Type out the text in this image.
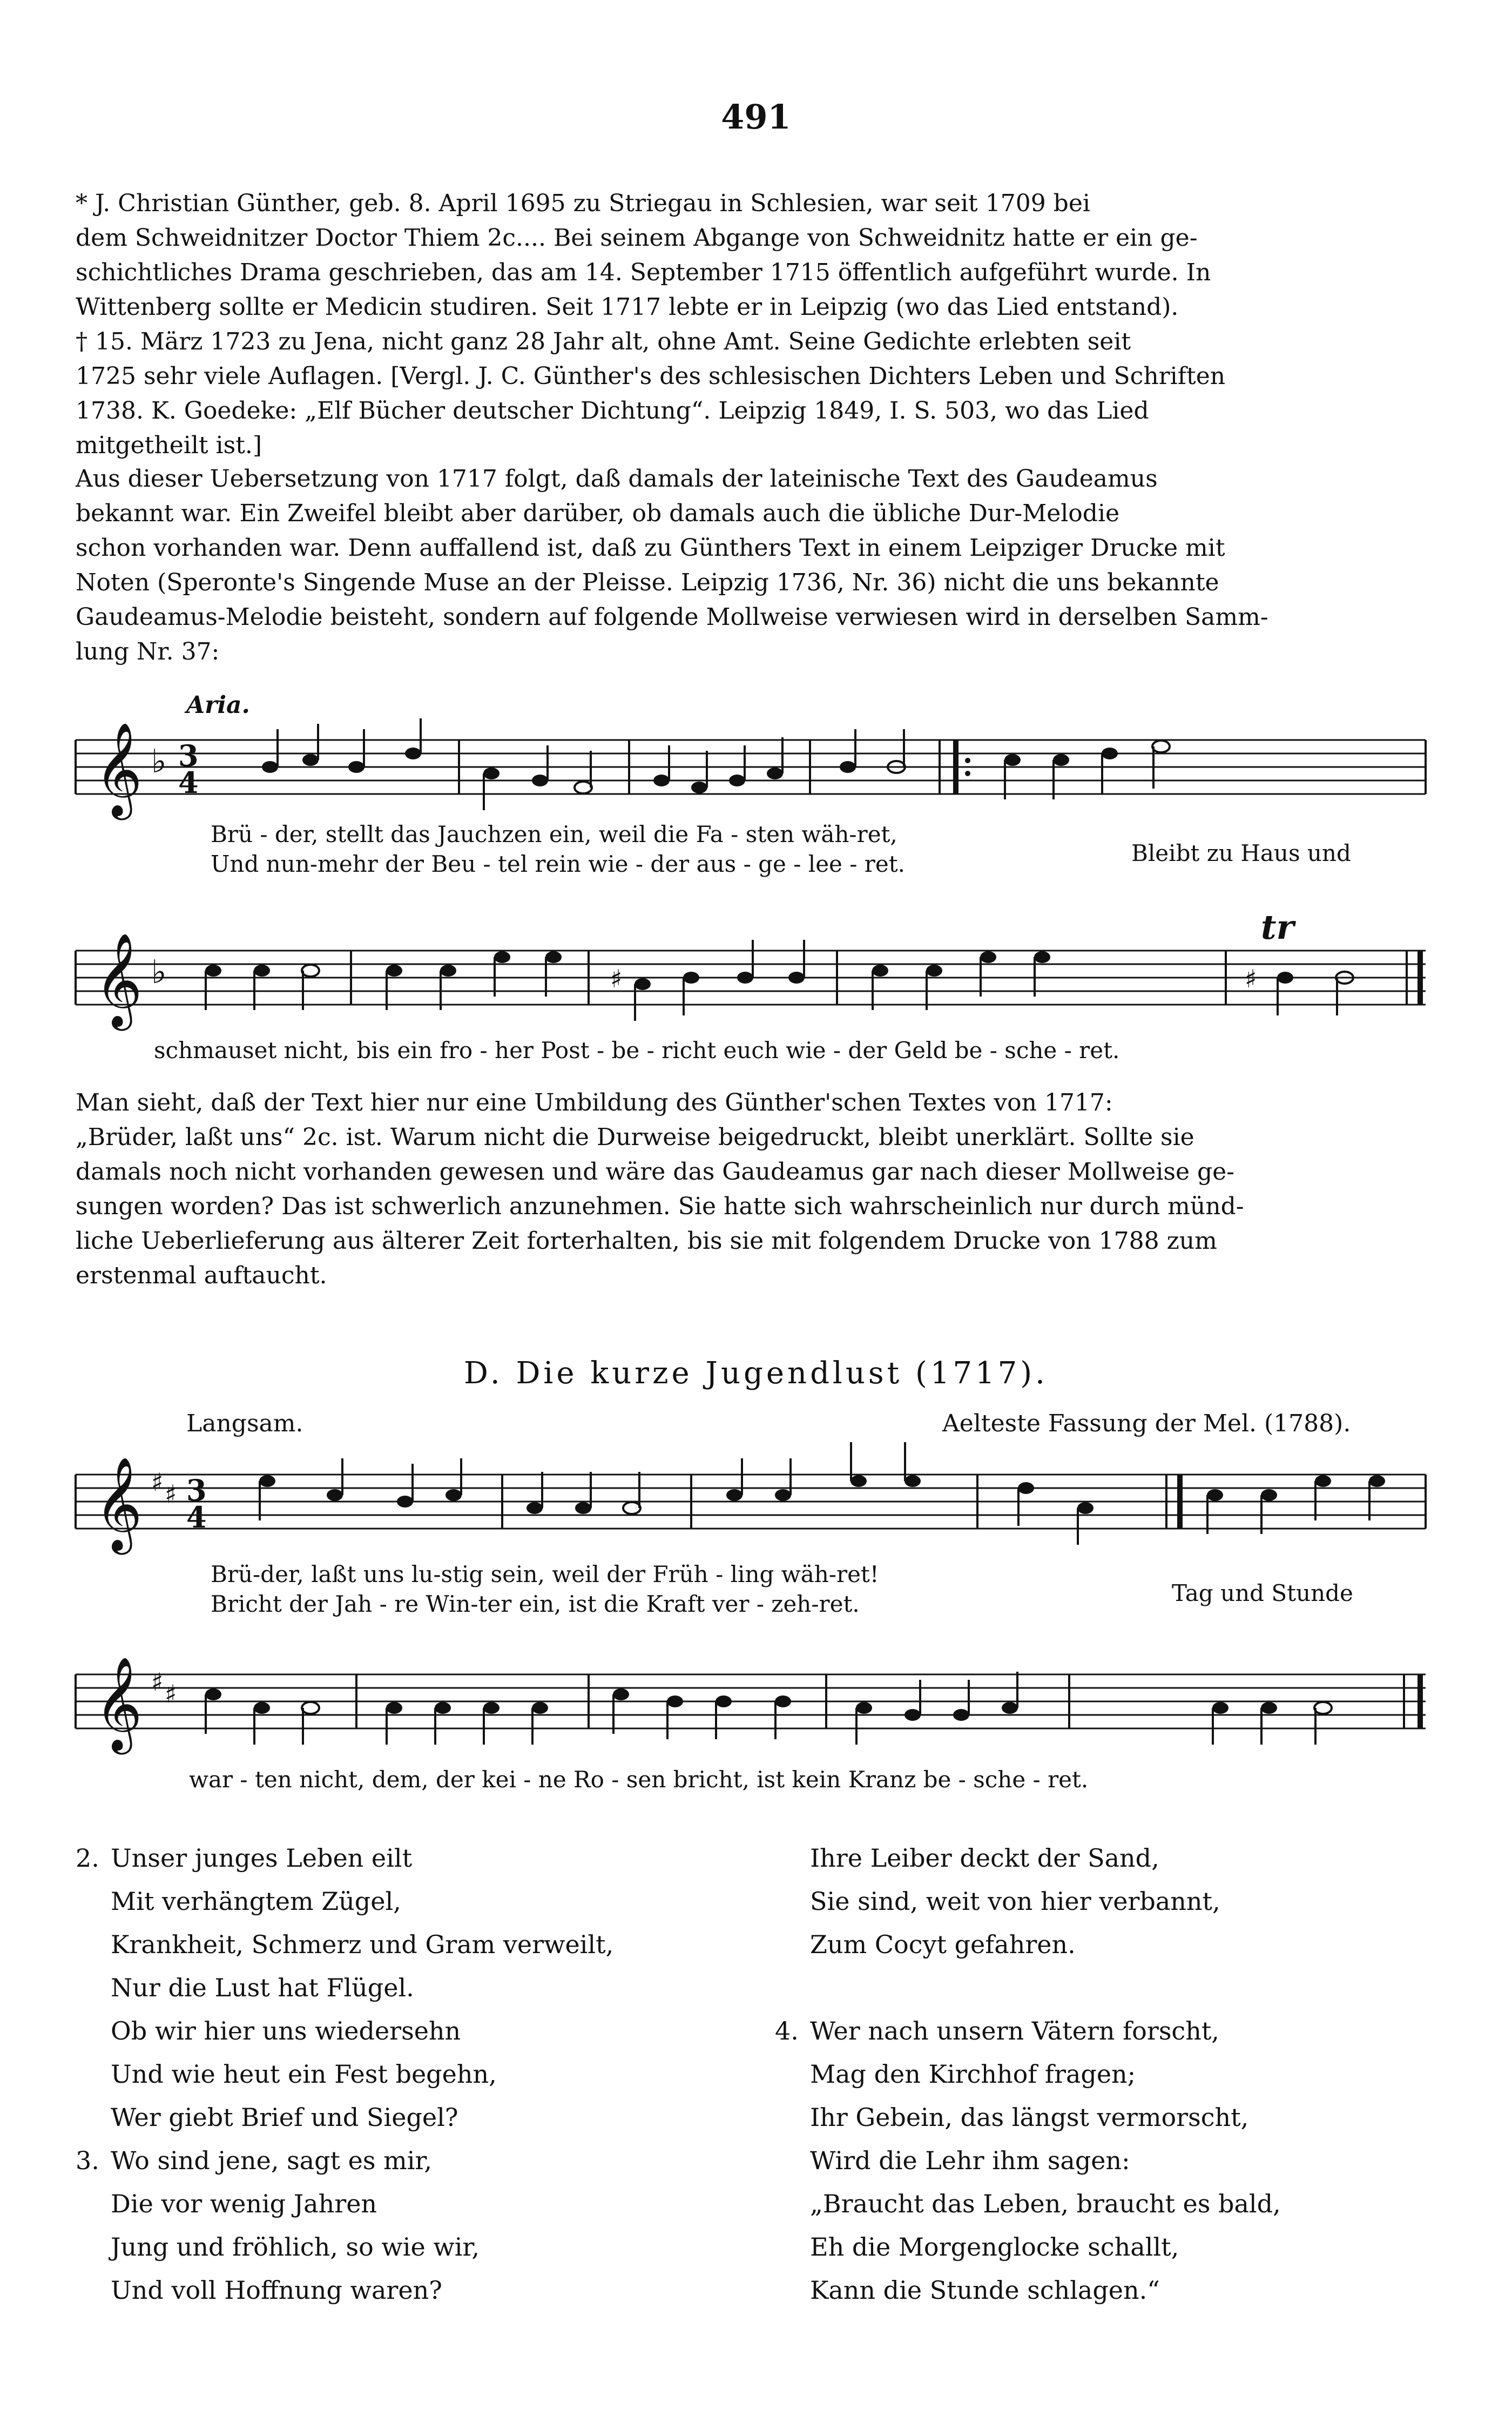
491
* J. Christian Günther, geb. 8. April 1695 zu Striegau in Schlesien, war seit 1709 bei
dem Schweidnitzer Doctor Thiem 2c.... Bei seinem Abgange von Schweidnitz hatte er ein ge-
schichtliches Drama geschrieben, das am 14. September 1715 öffentlich aufgeführt wurde. In
Wittenberg sollte er Medicin studiren. Seit 1717 lebte er in Leipzig (wo das Lied entstand).
† 15. März 1723 zu Jena, nicht ganz 28 Jahr alt, ohne Amt. Seine Gedichte erlebten seit
1725 sehr viele Auflagen. [Vergl. J. C. Günther's des schlesischen Dichters Leben und Schriften
1738. K. Goedeke: „Elf Bücher deutscher Dichtung“. Leipzig 1849, I. S. 503, wo das Lied
mitgetheilt ist.]
Aus dieser Uebersetzung von 1717 folgt, daß damals der lateinische Text des Gaudeamus
bekannt war. Ein Zweifel bleibt aber darüber, ob damals auch die übliche Dur-Melodie
schon vorhanden war. Denn auffallend ist, daß zu Günthers Text in einem Leipziger Drucke mit
Noten (Speronte's Singende Muse an der Pleisse. Leipzig 1736, Nr. 36) nicht die uns bekannte
Gaudeamus-Melodie beisteht, sondern auf folgende Mollweise verwiesen wird in derselben Samm-
lung Nr. 37:
Aria.
𝄞 ♭ 3
4
Brü - der, stellt das Jauchzen ein, weil die Fa - sten wäh-ret,
Und nun-mehr der Beu - tel rein wie - der aus - ge - lee - ret.	Bleibt zu Haus und
tr
𝄞 ♭	♯	♯
schmauset nicht, bis ein fro - her Post - be - richt euch wie - der Geld be - sche - ret.
Man sieht, daß der Text hier nur eine Umbildung des Günther'schen Textes von 1717:
„Brüder, laßt uns“ 2c. ist. Warum nicht die Durweise beigedruckt, bleibt unerklärt. Sollte sie
damals noch nicht vorhanden gewesen und wäre das Gaudeamus gar nach dieser Mollweise ge-
sungen worden? Das ist schwerlich anzunehmen. Sie hatte sich wahrscheinlich nur durch münd-
liche Ueberlieferung aus älterer Zeit forterhalten, bis sie mit folgendem Drucke von 1788 zum
erstenmal auftaucht.
D. Die kurze Jugendlust (1717).
Langsam.	Aelteste Fassung der Mel. (1788).
𝄞 ♯ ♯ 3
4
Brü-der, laßt uns lu-stig sein, weil der Früh - ling wäh-ret!
Bricht der Jah - re Win-ter ein, ist die Kraft ver - zeh-ret.	Tag und Stunde
𝄞 ♯ ♯
war - ten nicht, dem, der kei - ne Ro - sen bricht, ist kein Kranz be - sche - ret.
2. Unser junges Leben eilt
Mit verhängtem Zügel,
Krankheit, Schmerz und Gram verweilt,
Nur die Lust hat Flügel.
Ob wir hier uns wiedersehn
Und wie heut ein Fest begehn,
Wer giebt Brief und Siegel?
3. Wo sind jene, sagt es mir,
Die vor wenig Jahren
Jung und fröhlich, so wie wir,
Und voll Hoffnung waren?
Ihre Leiber deckt der Sand,
Sie sind, weit von hier verbannt,
Zum Cocyt gefahren.
4. Wer nach unsern Vätern forscht,
Mag den Kirchhof fragen;
Ihr Gebein, das längst vermorscht,
Wird die Lehr ihm sagen:
„Braucht das Leben, braucht es bald,
Eh die Morgenglocke schallt,
Kann die Stunde schlagen.“
